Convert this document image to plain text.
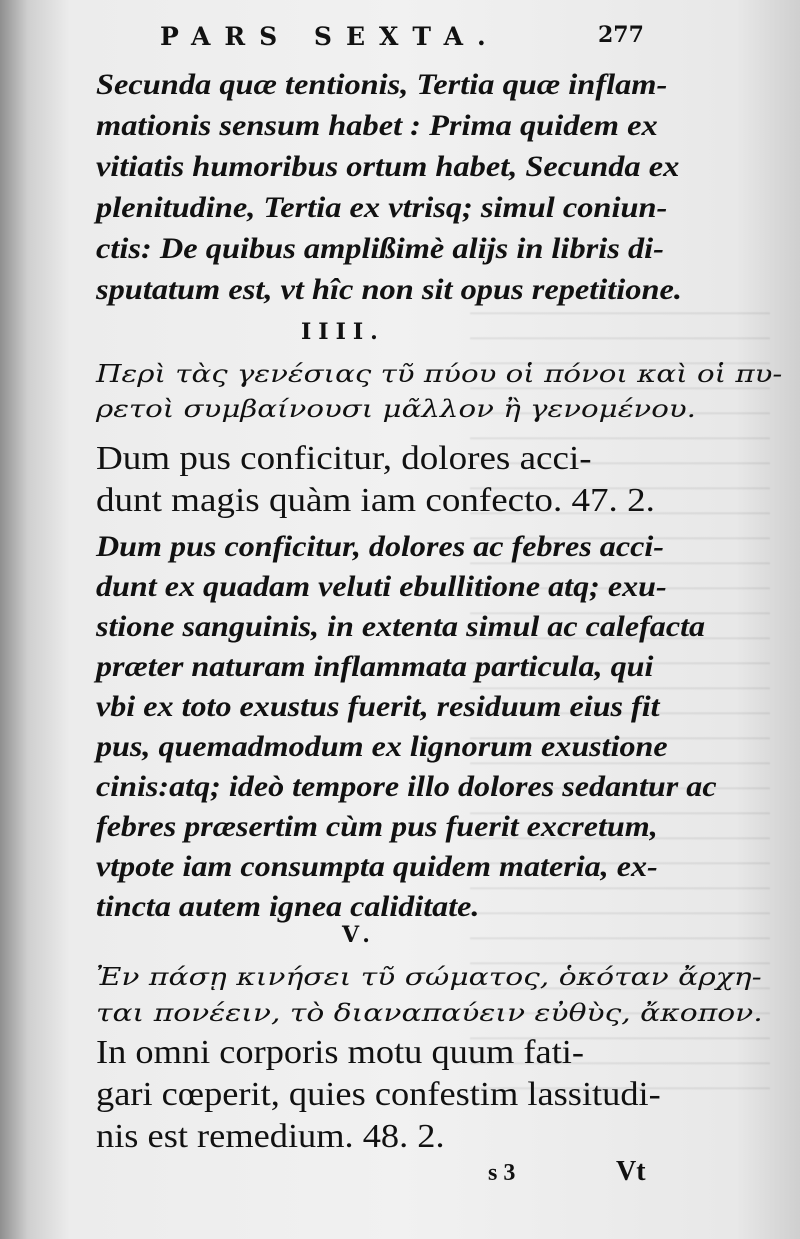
PARS SEXTA.	277
Secunda quæ tentionis, Tertia quæ inflam-
mationis sensum habet : Prima quidem ex
vitiatis humoribus ortum habet, Secunda ex
plenitudine, Tertia ex vtrisq; simul coniun-
ctis: De quibus amplißimè alijs in libris di-
sputatum est, vt hîc non sit opus repetitione.
IIII.
Περὶ τὰς γενέσιας τῦ πύου οἱ πόνοι καὶ οἱ πυ-
ρετοὶ συμβαίνουσι μᾶλλον ἢ γενομένου.
Dum pus conficitur, dolores acci-
dunt magis quàm iam confecto. 47. 2.
Dum pus conficitur, dolores ac febres acci-
dunt ex quadam veluti ebullitione atq; exu-
stione sanguinis, in extenta simul ac calefacta
præter naturam inflammata particula, qui
vbi ex toto exustus fuerit, residuum eius fit
pus, quemadmodum ex lignorum exustione
cinis:atq; ideò tempore illo dolores sedantur ac
febres præsertim cùm pus fuerit excretum,
vtpote iam consumpta quidem materia, ex-
tincta autem ignea caliditate.
V.
Ἐν πάσῃ κινήσει τῦ σώματος, ὁκόταν ἄρχη-
ται πονέειν, τὸ διαναπαύειν εὐθὺς, ἄκοπον.
In omni corporis motu quum fati-
gari cœperit, quies confestim lassitudi-
nis est remedium. 48. 2.
s 3	Vt
